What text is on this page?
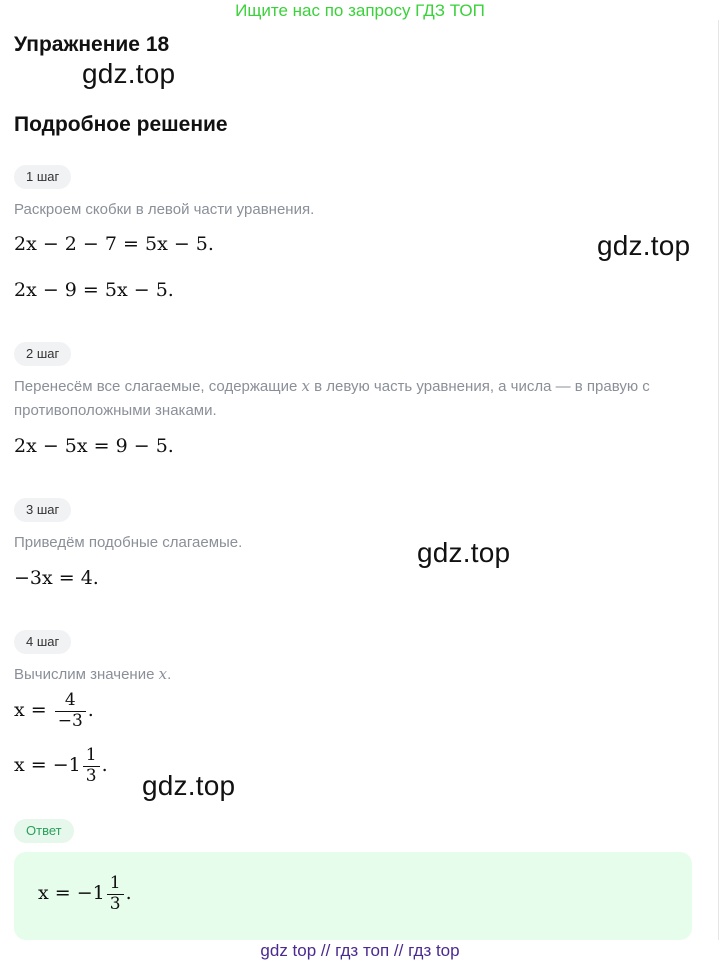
Ищите нас по запросу ГДЗ ТОП
Упражнение 18
gdz.top
Подробное решение
1 шаг
Раскроем скобки в левой части уравнения.
2x − 2 − 7 = 5x − 5.	gdz.top
2x − 9 = 5x − 5.
2 шаг
Перенесём все слагаемые, содержащие x в левую часть уравнения, а числа — в правую с противоположными знаками.
2x − 5x = 9 − 5.
3 шаг
Приведём подобные слагаемые.	gdz.top
−3x = 4.
4 шаг
Вычислим значение x.
$x = \frac{4}{-3}$ .
$x = -1 \frac{1}{3}$ .
gdz.top
Ответ
$x = -1 \frac{1}{3}$ .
gdz top // гдз топ // гдз top
